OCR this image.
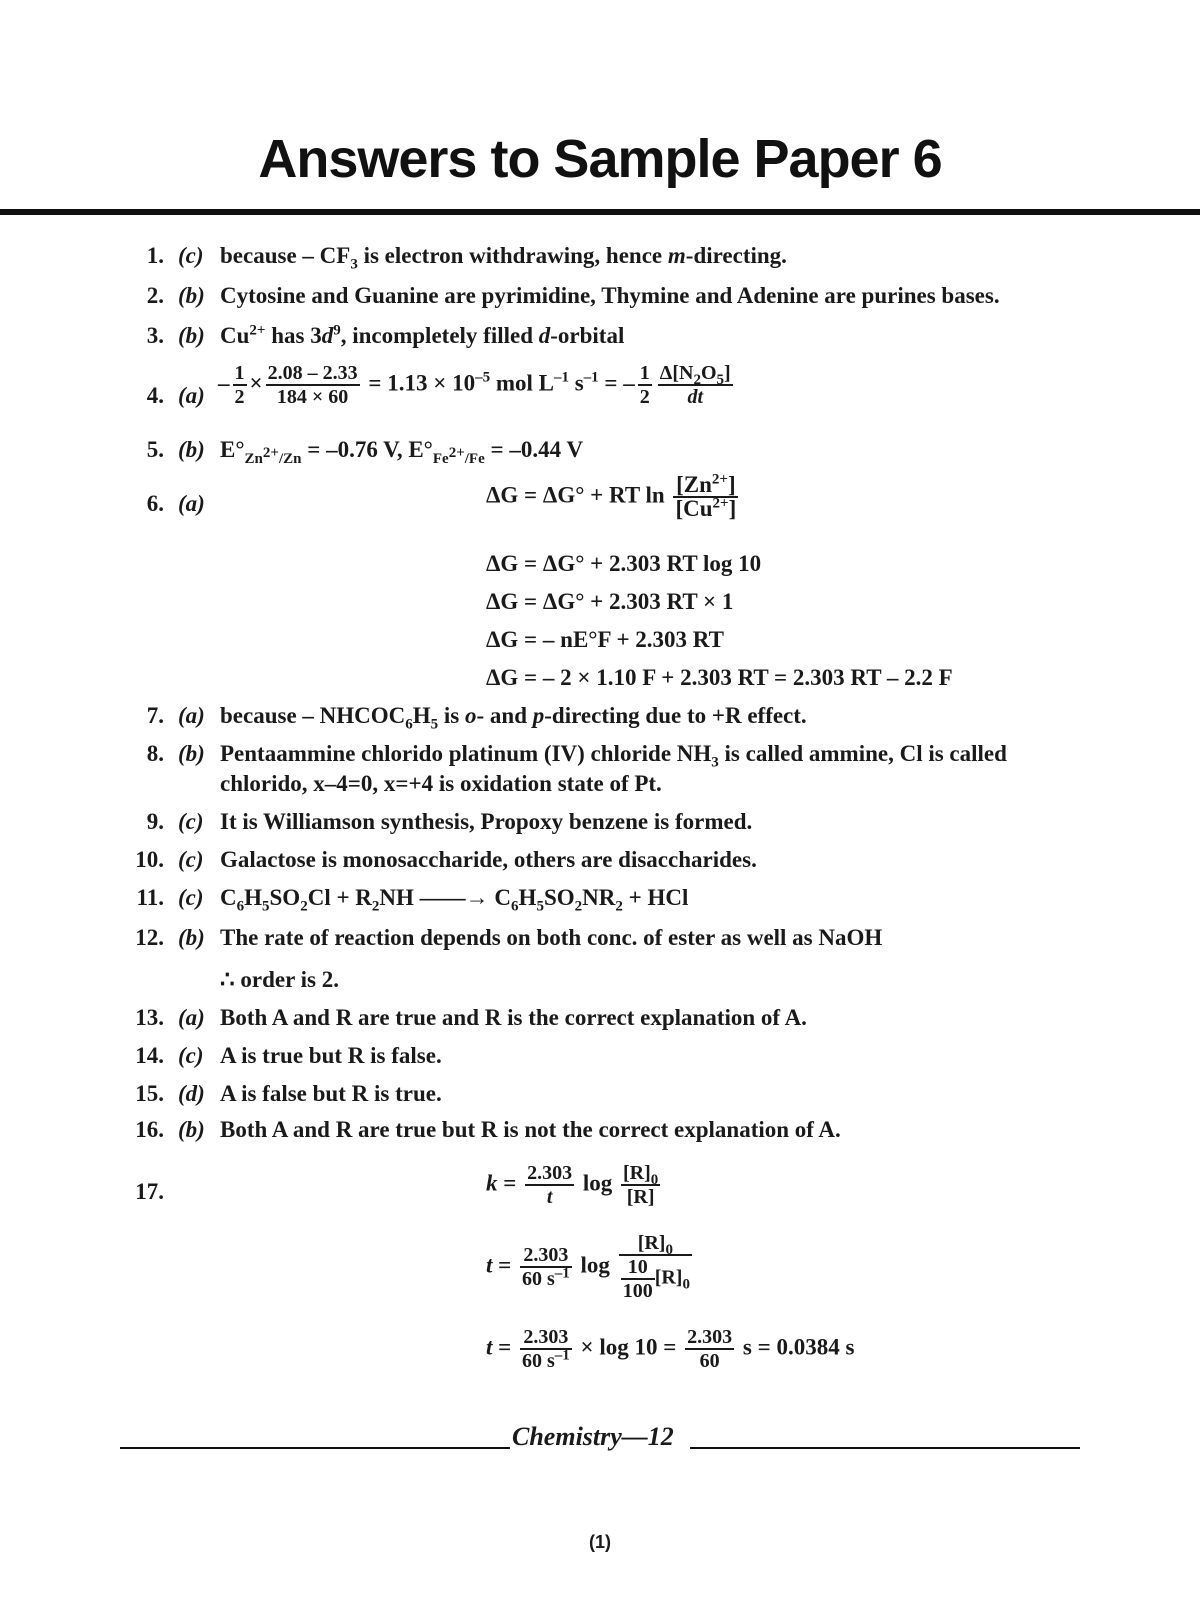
Answers to Sample Paper 6
1. (c) because – $CF_3$ is electron withdrawing, hence m-directing.
2. (b) Cytosine and Guanine are pyrimidine, Thymine and Adenine are purines bases.
3. (b) $Cu^{2+}$ has $3d^9$, incompletely filled d-orbital
4. (a)
– $\frac{1}{2} \times \frac{2.08 - 2.33}{184 \times 60} = 1.13 \times 10^{-5}$ mol $L^{-1}$ $s^{-1}$ = – $\frac{1}{2} \frac{\Delta[N_2O_5]}{dt}$
5. (b) $E^\circ_{Zn^{2+}/Zn} = -0.76$ V, $E^\circ_{Fe^{2+}/Fe} = -0.44$ V
6. (a)	ΔG = ΔG° + RT $\ln \frac{[Zn^{2+}]}{[Cu^{2+}]}$
ΔG = ΔG° + 2.303 RT log 10
ΔG = ΔG° + 2.303 RT × 1
ΔG = – nE°F + 2.303 RT
ΔG = – 2 × 1.10 F + 2.303 RT = 2.303 RT – 2.2 F
7. (a) because – $NHCOC_6H_5$ is o- and p-directing due to +R effect.
8. (b) Pentaammine chlorido platinum (IV) chloride $NH_3$ is called ammine, Cl is called
chlorido, x–4=0, x=+4 is oxidation state of Pt.
9. (c) It is Williamson synthesis, Propoxy benzene is formed.
10. (c) Galactose is monosaccharide, others are disaccharides.
11. (c) $C_6H_5SO_2Cl + R_2NH$ ——→ $C_6H_5SO_2NR_2$ + HCl
12. (b) The rate of reaction depends on both conc. of ester as well as NaOH
∴ order is 2.
13. (a) Both A and R are true and R is the correct explanation of A.
14. (c) A is true but R is false.
15. (d) A is false but R is true.
16. (b) Both A and R are true but R is not the correct explanation of A.
17.	$k = \frac{2.303}{t}$ $\log \frac{[R]_0}{[R]}$
$t = \frac{2.303}{60 s^{-1}}$ $\log \frac{[R]_0}{\frac{10}{100} [R]_0}$
$t = \frac{2.303}{60 s^{-1}} \times \log 10 = \frac{2.303}{60}$ s = 0.0384 s
Chemistry—12
(1)
